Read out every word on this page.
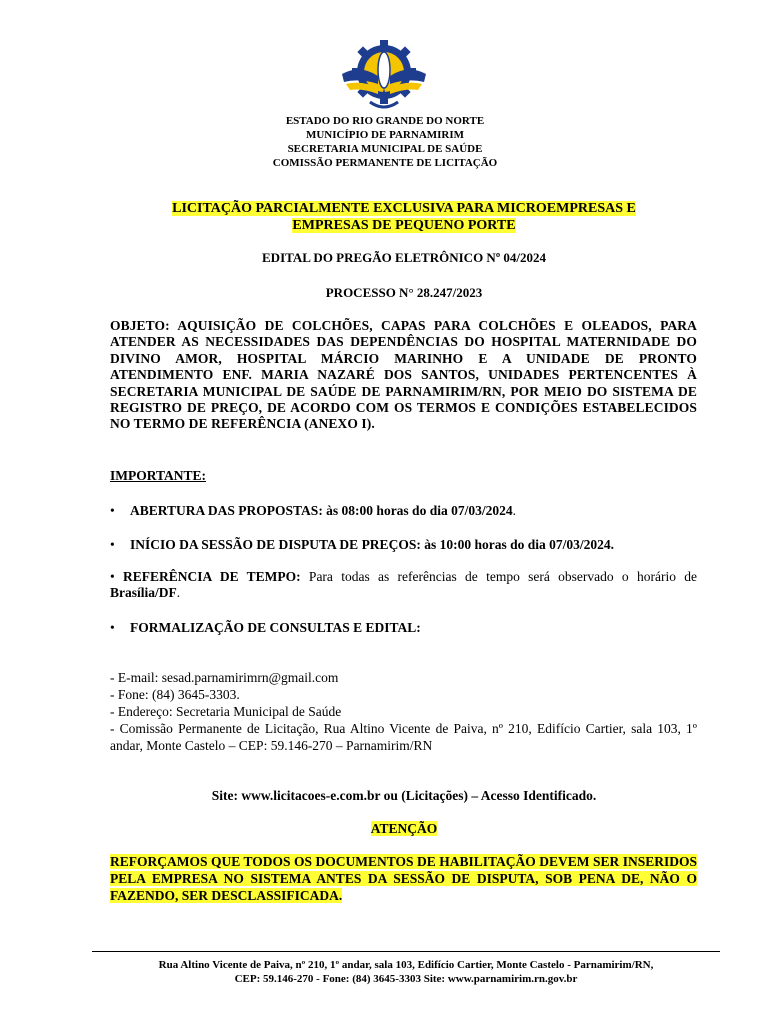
ESTADO DO RIO GRANDE DO NORTE
MUNICÍPIO DE PARNAMIRIM
SECRETARIA MUNICIPAL DE SAÚDE
COMISSÃO PERMANENTE DE LICITAÇÃO
LICITAÇÃO PARCIALMENTE EXCLUSIVA PARA MICROEMPRESAS E
EMPRESAS DE PEQUENO PORTE
EDITAL DO PREGÃO ELETRÔNICO Nº 04/2024
PROCESSO N° 28.247/2023
OBJETO: AQUISIÇÃO DE COLCHÕES, CAPAS PARA COLCHÕES E OLEADOS, PARA ATENDER AS NECESSIDADES DAS DEPENDÊNCIAS DO HOSPITAL MATERNIDADE DO DIVINO AMOR, HOSPITAL MÁRCIO MARINHO E A UNIDADE DE PRONTO ATENDIMENTO ENF. MARIA NAZARÉ DOS SANTOS, UNIDADES PERTENCENTES À SECRETARIA MUNICIPAL DE SAÚDE DE PARNAMIRIM/RN, POR MEIO DO SISTEMA DE REGISTRO DE PREÇO, DE ACORDO COM OS TERMOS E CONDIÇÕES ESTABELECIDOS NO TERMO DE REFERÊNCIA (ANEXO I).
IMPORTANTE:
• ABERTURA DAS PROPOSTAS: às 08:00 horas do dia 07/03/2024.
• INÍCIO DA SESSÃO DE DISPUTA DE PREÇOS: às 10:00 horas do dia 07/03/2024.
• REFERÊNCIA DE TEMPO: Para todas as referências de tempo será observado o horário de Brasília/DF.
• FORMALIZAÇÃO DE CONSULTAS E EDITAL:
- E-mail: sesad.parnamirimrn@gmail.com
- Fone: (84) 3645-3303.
- Endereço: Secretaria Municipal de Saúde
- Comissão Permanente de Licitação, Rua Altino Vicente de Paiva, nº 210, Edifício Cartier, sala 103, 1º andar, Monte Castelo – CEP: 59.146-270 – Parnamirim/RN
Site: www.licitacoes-e.com.br ou (Licitações) – Acesso Identificado.
ATENÇÃO
REFORÇAMOS QUE TODOS OS DOCUMENTOS DE HABILITAÇÃO DEVEM SER INSERIDOS PELA EMPRESA NO SISTEMA ANTES DA SESSÃO DE DISPUTA, SOB PENA DE, NÃO O FAZENDO, SER DESCLASSIFICADA.
Rua Altino Vicente de Paiva, nº 210, 1º andar, sala 103, Edifício Cartier, Monte Castelo - Parnamirim/RN,
CEP: 59.146-270 - Fone: (84) 3645-3303 Site: www.parnamirim.rn.gov.br
